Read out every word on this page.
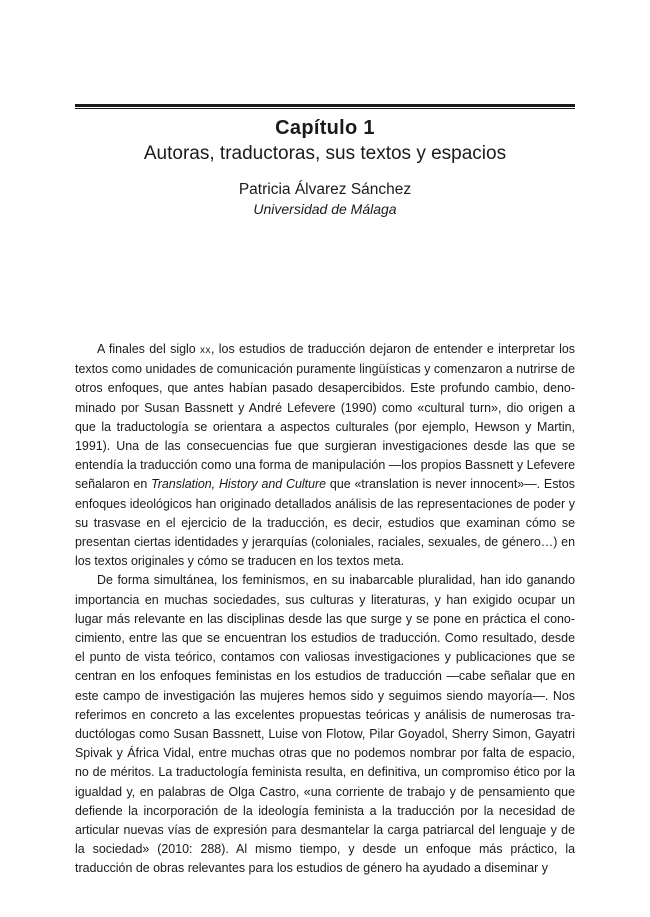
Capítulo 1
Autoras, traductoras, sus textos y espacios
Patricia Álvarez Sánchez
Universidad de Málaga

A finales del siglo xx, los estudios de traducción dejaron de entender e interpretar los textos como unidades de comunicación puramente lingüísticas y comenzaron a nutrirse de otros enfoques, que antes habían pasado desapercibidos. Este profundo cambio, denominado por Susan Bassnett y André Lefevere (1990) como «cultural turn», dio origen a que la traductología se orientara a aspectos culturales (por ejemplo, Hewson y Martin, 1991). Una de las consecuencias fue que surgieran investigaciones desde las que se entendía la traducción como una forma de manipulación —los propios Bassnett y Lefevere señalaron en Translation, History and Culture que «translation is never innocent»—. Estos enfoques ideológicos han originado detallados análisis de las representaciones de poder y su trasvase en el ejercicio de la traducción, es decir, estudios que examinan cómo se presentan ciertas identidades y jerarquías (coloniales, raciales, sexuales, de género…) en los textos originales y cómo se traducen en los textos meta.

De forma simultánea, los feminismos, en su inabarcable pluralidad, han ido ganando importancia en muchas sociedades, sus culturas y literaturas, y han exigido ocupar un lugar más relevante en las disciplinas desde las que surge y se pone en práctica el conocimiento, entre las que se encuentran los estudios de traducción. Como resultado, desde el punto de vista teórico, contamos con valiosas investigaciones y publicaciones que se centran en los enfoques feministas en los estudios de traducción —cabe señalar que en este campo de investigación las mujeres hemos sido y seguimos siendo mayoría—. Nos referimos en concreto a las excelentes propuestas teóricas y análisis de numerosas traductólogas como Susan Bassnett, Luise von Flotow, Pilar Goyadol, Sherry Simon, Gayatri Spivak y África Vidal, entre muchas otras que no podemos nombrar por falta de espacio, no de méritos. La traductología feminista resulta, en definitiva, un compromiso ético por la igualdad y, en palabras de Olga Castro, «una corriente de trabajo y de pensamiento que defiende la incorporación de la ideología feminista a la traducción por la necesidad de articular nuevas vías de expresión para desmantelar la carga patriarcal del lenguaje y de la sociedad» (2010: 288). Al mismo tiempo, y desde un enfoque más práctico, la traducción de obras relevantes para los estudios de género ha ayudado a diseminar y
